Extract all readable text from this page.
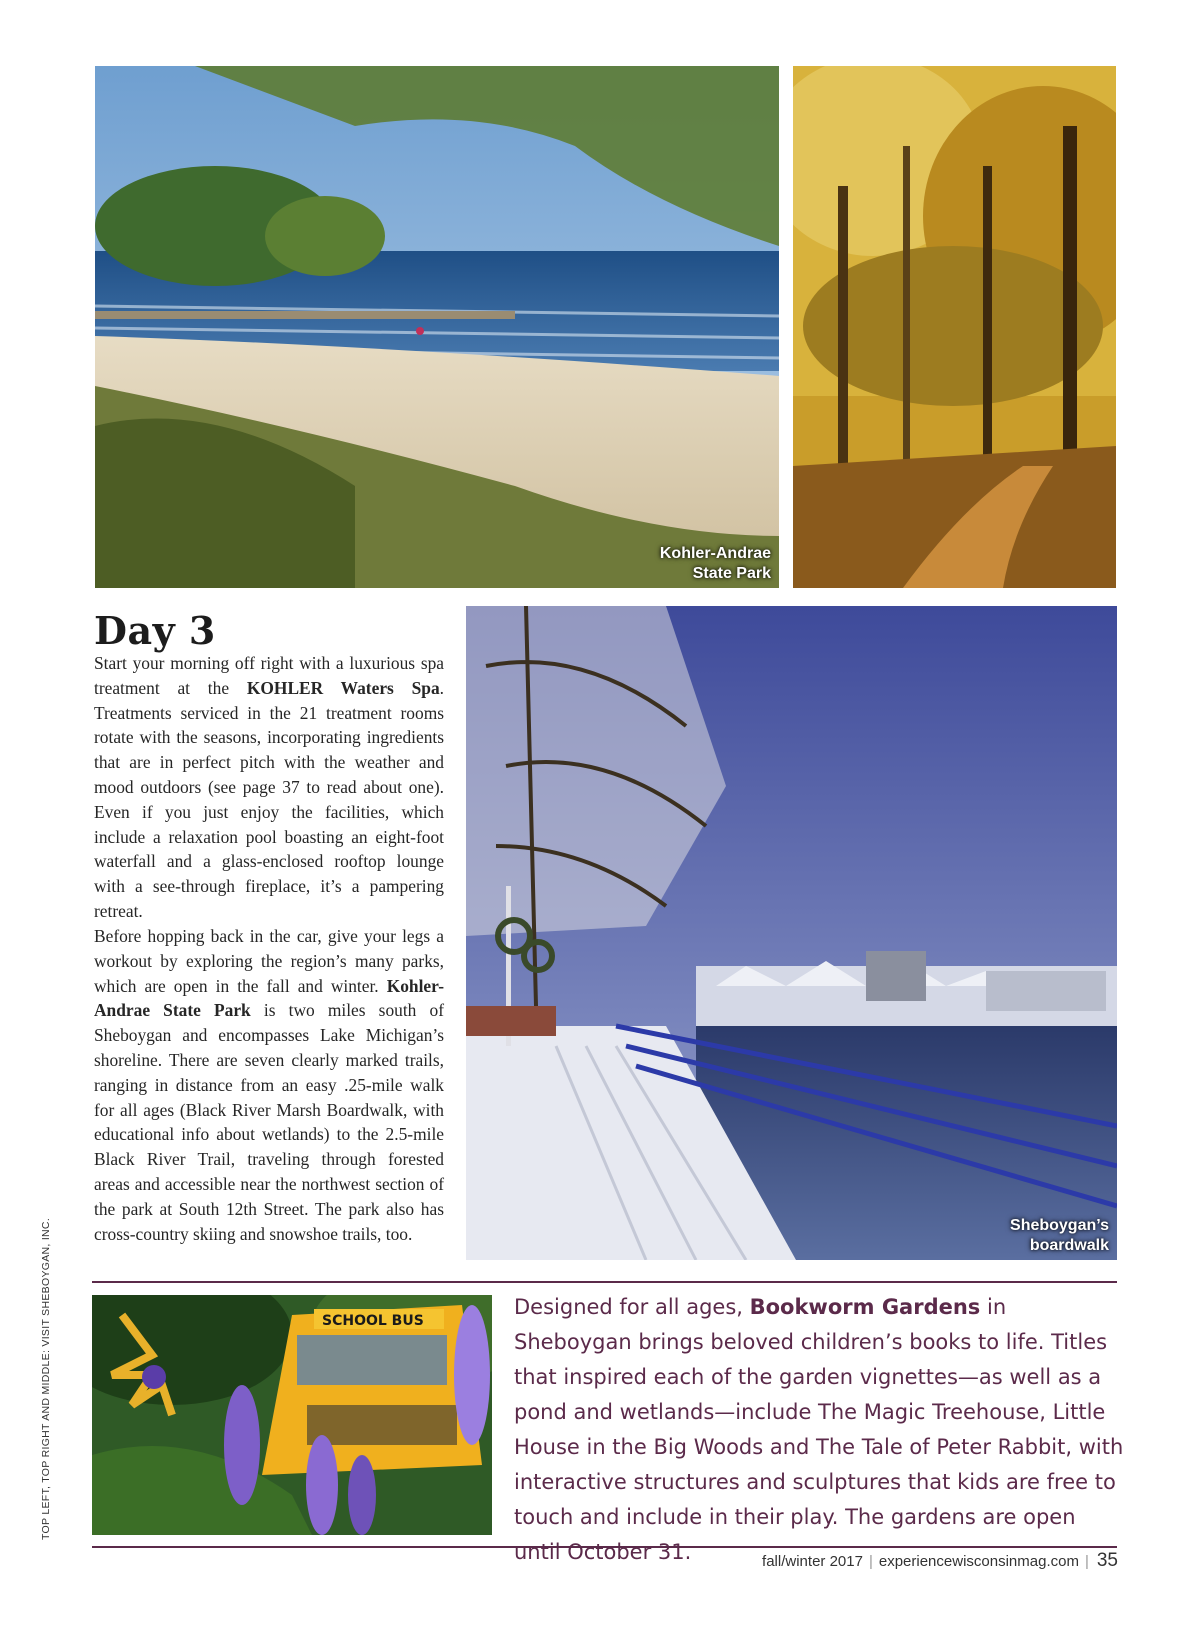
Kohler-Andrae
State Park
Day 3

Start your morning off right with a luxurious spa treatment at the KOHLER Waters Spa. Treatments serviced in the 21 treatment rooms rotate with the seasons, incorporating ingredients that are in perfect pitch with the weather and mood outdoors (see page 37 to read about one). Even if you just enjoy the facilities, which include a relaxation pool boasting an eight-foot waterfall and a glass-enclosed rooftop lounge with a see-through fireplace, it’s a pampering retreat.

Before hopping back in the car, give your legs a workout by exploring the region’s many parks, which are open in the fall and winter. Kohler-Andrae State Park is two miles south of Sheboygan and encompasses Lake Michigan’s shoreline. There are seven clearly marked trails, ranging in distance from an easy .25-mile walk for all ages (Black River Marsh Boardwalk, with educational info about wetlands) to the 2.5-mile Black River Trail, traveling through forested areas and accessible near the northwest section of the park at South 12th Street. The park also has cross-country skiing and snowshoe trails, too.	Sheboygan’s
boardwalk
SCHOOL BUS

Designed for all ages, Bookworm Gardens in Sheboygan brings beloved children’s books to life. Titles that inspired each of the garden vignettes—as well as a pond and wetlands—include The Magic Treehouse, Little House in the Big Woods and The Tale of Peter Rabbit, with interactive structures and sculptures that kids are free to touch and include in their play. The gardens are open until October 31.

TOP LEFT, TOP RIGHT AND MIDDLE: VISIT SHEBOYGAN, INC.
fall/winter 2017 | experiencewisconsinmag.com | 35
